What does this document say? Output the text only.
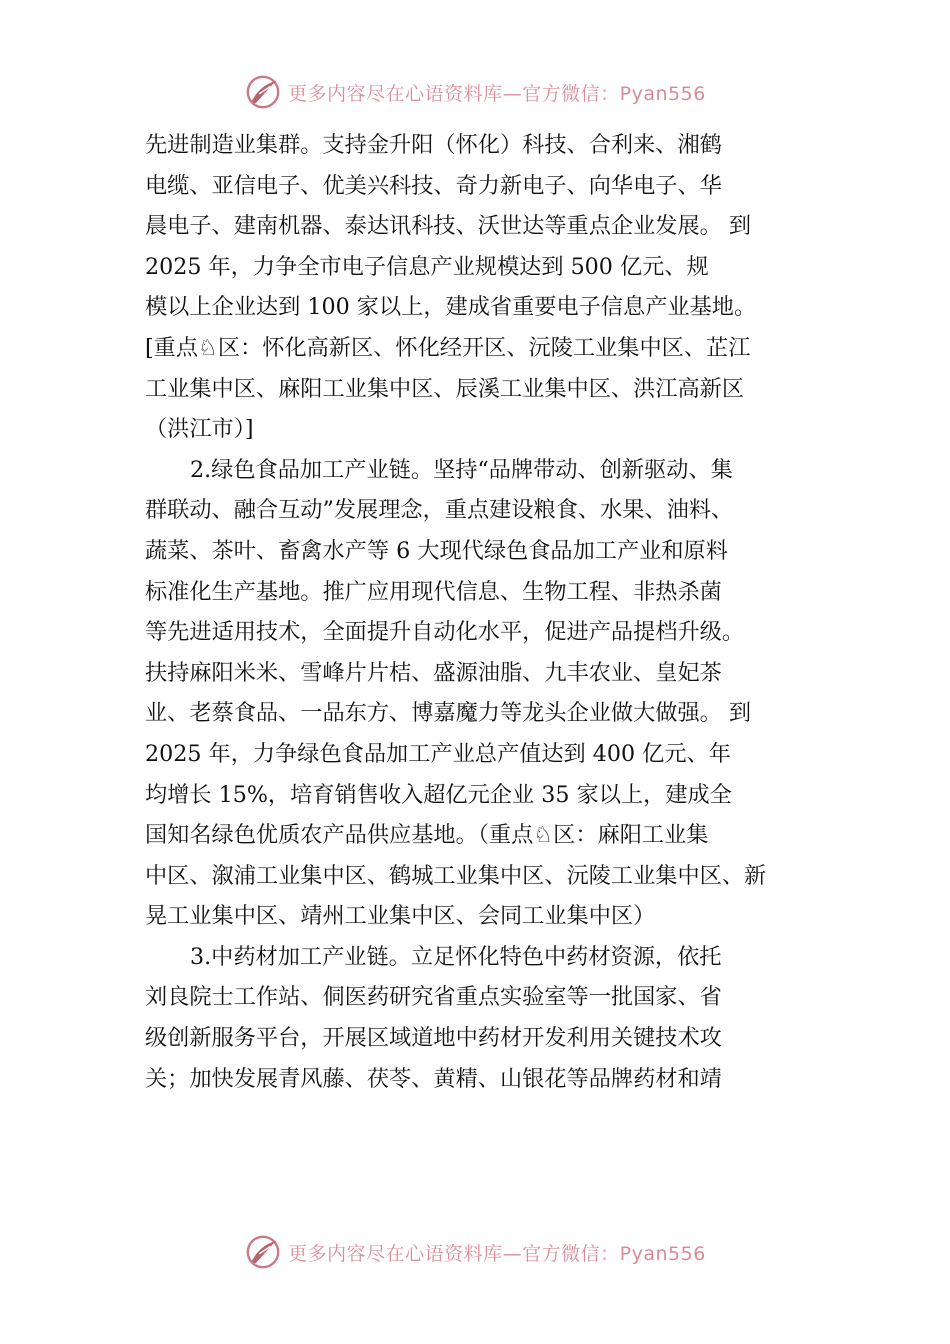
更多内容尽在心语资料库—官方微信：Pyan556
先进制造业集群。支持金升阳（怀化）科技、合利来、湘鹤
电缆、亚信电子、优美兴科技、奇力新电子、向华电子、华
晨电子、建南机器、泰达讯科技、沃世达等重点企业发展。 到
2025 年，力争全市电子信息产业规模达到 500 亿元、规
模以上企业达到 100 家以上，建成省重要电子信息产业基地。
[重点♘区：怀化高新区、怀化经开区、沅陵工业集中区、芷江
工业集中区、麻阳工业集中区、辰溪工业集中区、洪江高新区
（洪江市）]
2.绿色食品加工产业链。坚持“品牌带动、创新驱动、集
群联动、融合互动”发展理念，重点建设粮食、水果、油料、
蔬菜、茶叶、畜禽水产等 6 大现代绿色食品加工产业和原料
标准化生产基地。推广应用现代信息、生物工程、非热杀菌
等先进适用技术，全面提升自动化水平，促进产品提档升级。
扶持麻阳米米、雪峰片片桔、盛源油脂、九丰农业、皇妃茶
业、老蔡食品、一品东方、博嘉魔力等龙头企业做大做强。 到
2025 年，力争绿色食品加工产业总产值达到 400 亿元、年
均增长 15%，培育销售收入超亿元企业 35 家以上，建成全
国知名绿色优质农产品供应基地。（重点♘区：麻阳工业集
中区、溆浦工业集中区、鹤城工业集中区、沅陵工业集中区、新
晃工业集中区、靖州工业集中区、会同工业集中区）
3.中药材加工产业链。立足怀化特色中药材资源，依托
刘良院士工作站、侗医药研究省重点实验室等一批国家、省
级创新服务平台，开展区域道地中药材开发利用关键技术攻
关；加快发展青风藤、茯苓、黄精、山银花等品牌药材和靖
更多内容尽在心语资料库—官方微信：Pyan556
